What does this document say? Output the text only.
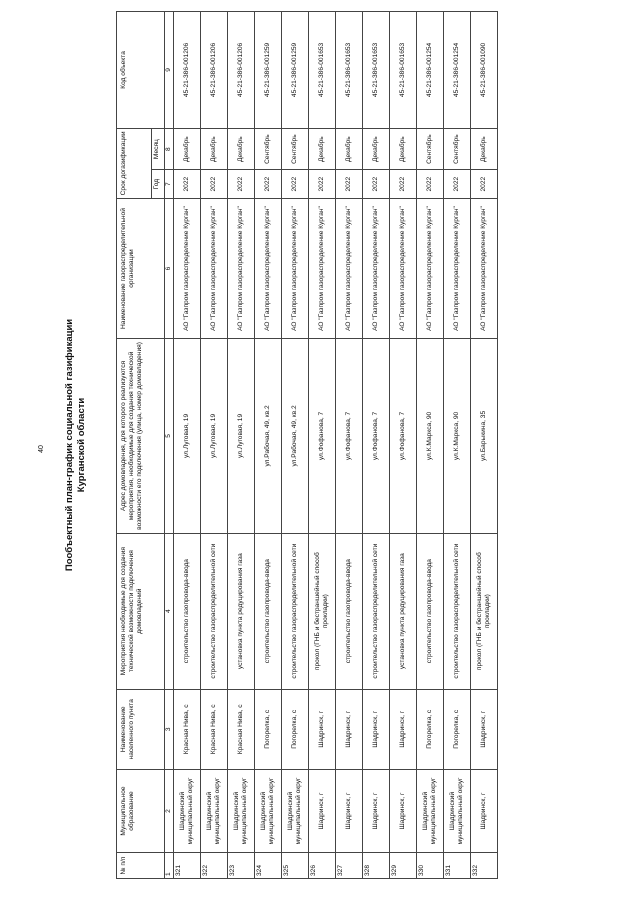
40 Пообъектный план-график социальной газификации Курганской области
№ п/п	Муниципальное образование	Наименование населенного пункта	Мероприятия необходимые для создания технической возможности подключения домовладений	Адрес домовладения, для которого реализуются мероприятия, необходимые для создания технической возможности его подключения (улица, номер домовладения)	Наименование газораспределительной организации	Срок догазификации		Код объекта
						Год	Месяц	
1	2	3	4	5	6	7	8	9
321	Шадринский муниципальный округ	Красная Нива, с	строительство газопровода-ввода	ул.Луговая, 19	АО "Газпром газораспределение Курган"	2022	Декабрь	45-21-386-001206
322	Шадринский муниципальный округ	Красная Нива, с	строительство газораспределительной сети	ул.Луговая, 19	АО "Газпром газораспределение Курган"	2022	Декабрь	45-21-386-001206
323	Шадринский муниципальный округ	Красная Нива, с	установка пункта редуцирования газа	ул.Луговая, 19	АО "Газпром газораспределение Курган"	2022	Декабрь	45-21-386-001206
324	Шадринский муниципальный округ	Погорелка, с	строительство газопровода-ввода	ул.Рабочая, 49, кв.2	АО "Газпром газораспределение Курган"	2022	Сентябрь	45-21-386-001259
325	Шадринский муниципальный округ	Погорелка, с	строительство газораспределительной сети	ул.Рабочая, 49, кв.2	АО "Газпром газораспределение Курган"	2022	Сентябрь	45-21-386-001259
326	Шадринск, г	Шадринск, г	прокол (ГНБ и бестраншейный способ прокладки)	ул.Фофанова, 7	АО "Газпром газораспределение Курган"	2022	Декабрь	45-21-386-001653
327	Шадринск, г	Шадринск, г	строительство газопровода-ввода	ул.Фофанова, 7	АО "Газпром газораспределение Курган"	2022	Декабрь	45-21-386-001653
328	Шадринск, г	Шадринск, г	строительство газораспределительной сети	ул.Фофанова, 7	АО "Газпром газораспределение Курган"	2022	Декабрь	45-21-386-001653
329	Шадринск, г	Шадринск, г	установка пункта редуцирования газа	ул.Фофанова, 7	АО "Газпром газораспределение Курган"	2022	Декабрь	45-21-386-001653
330	Шадринский муниципальный округ	Погорелка, с	строительство газопровода-ввода	ул.К.Маркса, 90	АО "Газпром газораспределение Курган"	2022	Сентябрь	45-21-386-001254
331	Шадринский муниципальный округ	Погорелка, с	строительство газораспределительной сети	ул.К.Маркса, 90	АО "Газпром газораспределение Курган"	2022	Сентябрь	45-21-386-001254
332	Шадринск, г	Шадринск, г	прокол (ГНБ и бестраншейный способ прокладки)	ул.Барыкина, 35	АО "Газпром газораспределение Курган"	2022	Декабрь	45-21-386-001090
